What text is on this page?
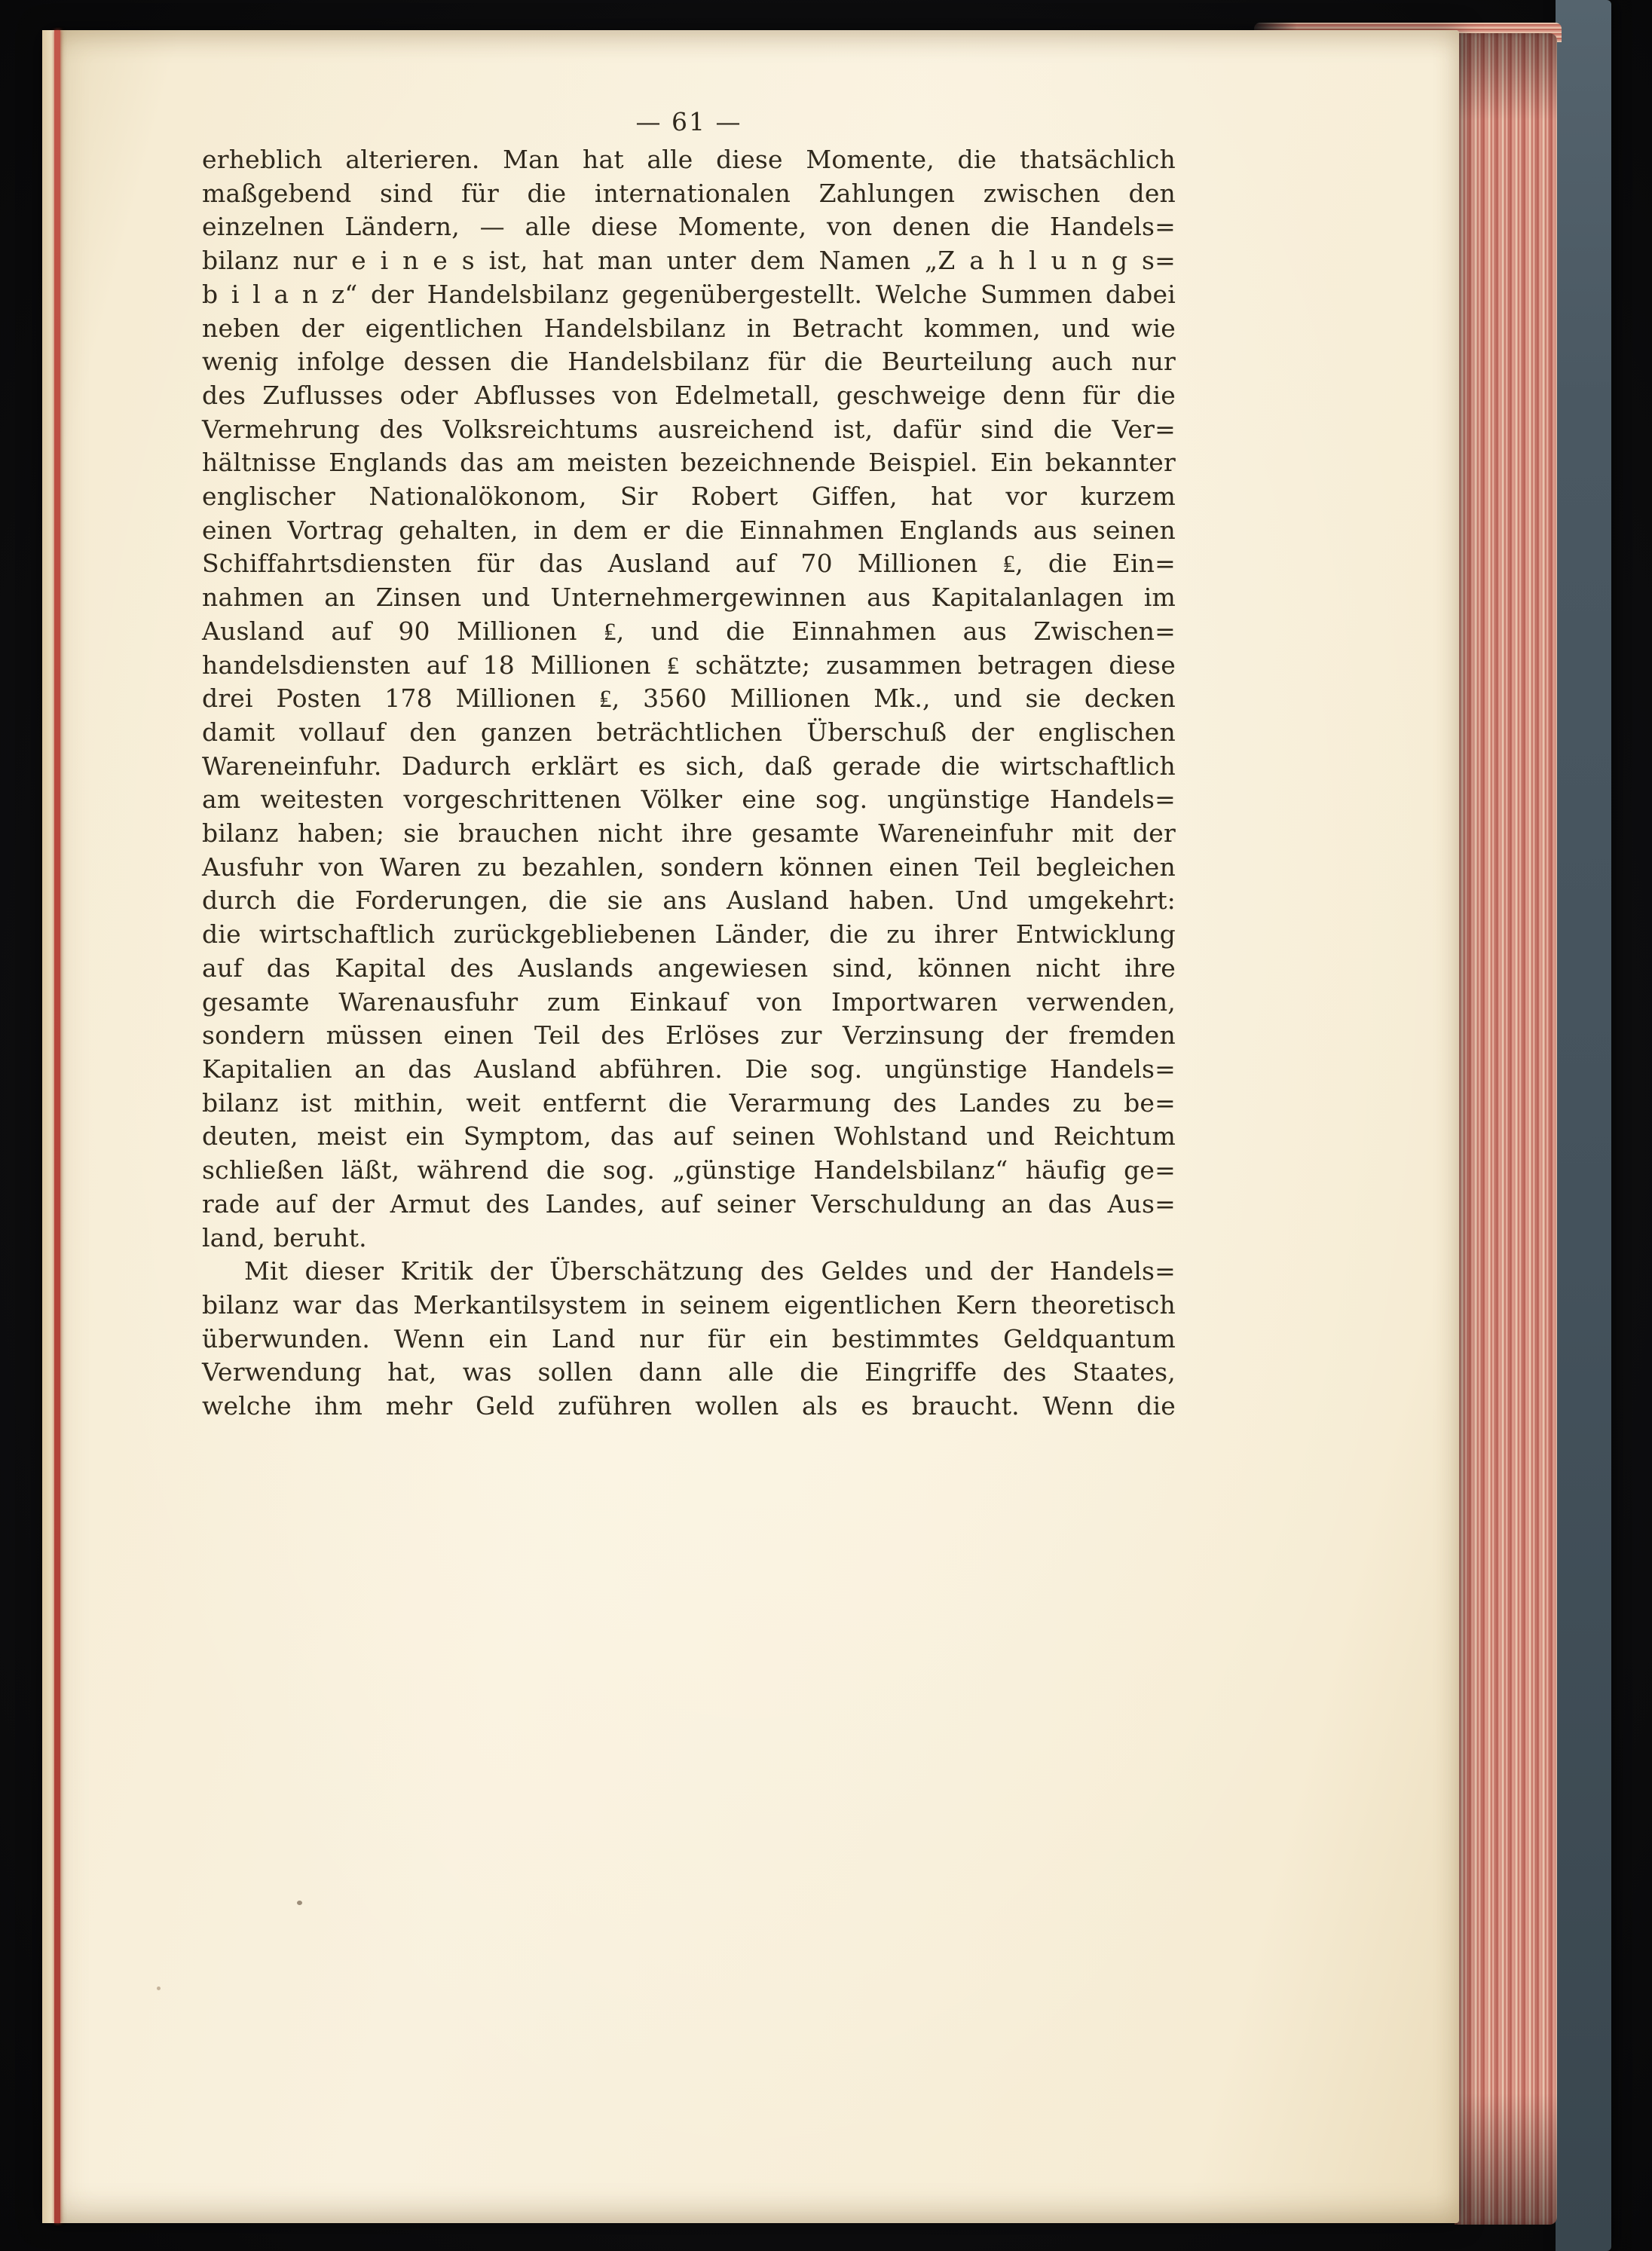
— 61 —
erheblich alterieren. Man hat alle diese Momente, die thatsächlich
maßgebend sind für die internationalen Zahlungen zwischen den
einzelnen Ländern, — alle diese Momente, von denen die Handels=
bilanz nur e i n e s ist, hat man unter dem Namen „Z a h l u n g s=
b i l a n z“ der Handelsbilanz gegenübergestellt. Welche Summen dabei
neben der eigentlichen Handelsbilanz in Betracht kommen, und wie
wenig infolge dessen die Handelsbilanz für die Beurteilung auch nur
des Zuflusses oder Abflusses von Edelmetall, geschweige denn für die
Vermehrung des Volksreichtums ausreichend ist, dafür sind die Ver=
hältnisse Englands das am meisten bezeichnende Beispiel. Ein bekannter
englischer Nationalökonom, Sir Robert Giffen, hat vor kurzem
einen Vortrag gehalten, in dem er die Einnahmen Englands aus seinen
Schiffahrtsdiensten für das Ausland auf 70 Millionen ₤, die Ein=
nahmen an Zinsen und Unternehmergewinnen aus Kapitalanlagen im
Ausland auf 90 Millionen ₤, und die Einnahmen aus Zwischen=
handelsdiensten auf 18 Millionen ₤ schätzte; zusammen betragen diese
drei Posten 178 Millionen ₤, 3560 Millionen Mk., und sie decken
damit vollauf den ganzen beträchtlichen Überschuß der englischen
Wareneinfuhr. Dadurch erklärt es sich, daß gerade die wirtschaftlich
am weitesten vorgeschrittenen Völker eine sog. ungünstige Handels=
bilanz haben; sie brauchen nicht ihre gesamte Wareneinfuhr mit der
Ausfuhr von Waren zu bezahlen, sondern können einen Teil begleichen
durch die Forderungen, die sie ans Ausland haben. Und umgekehrt:
die wirtschaftlich zurückgebliebenen Länder, die zu ihrer Entwicklung
auf das Kapital des Auslands angewiesen sind, können nicht ihre
gesamte Warenausfuhr zum Einkauf von Importwaren verwenden,
sondern müssen einen Teil des Erlöses zur Verzinsung der fremden
Kapitalien an das Ausland abführen. Die sog. ungünstige Handels=
bilanz ist mithin, weit entfernt die Verarmung des Landes zu be=
deuten, meist ein Symptom, das auf seinen Wohlstand und Reichtum
schließen läßt, während die sog. „günstige Handelsbilanz“ häufig ge=
rade auf der Armut des Landes, auf seiner Verschuldung an das Aus=
land, beruht.
Mit dieser Kritik der Überschätzung des Geldes und der Handels=
bilanz war das Merkantilsystem in seinem eigentlichen Kern theoretisch
überwunden. Wenn ein Land nur für ein bestimmtes Geldquantum
Verwendung hat, was sollen dann alle die Eingriffe des Staates,
welche ihm mehr Geld zuführen wollen als es braucht. Wenn die
